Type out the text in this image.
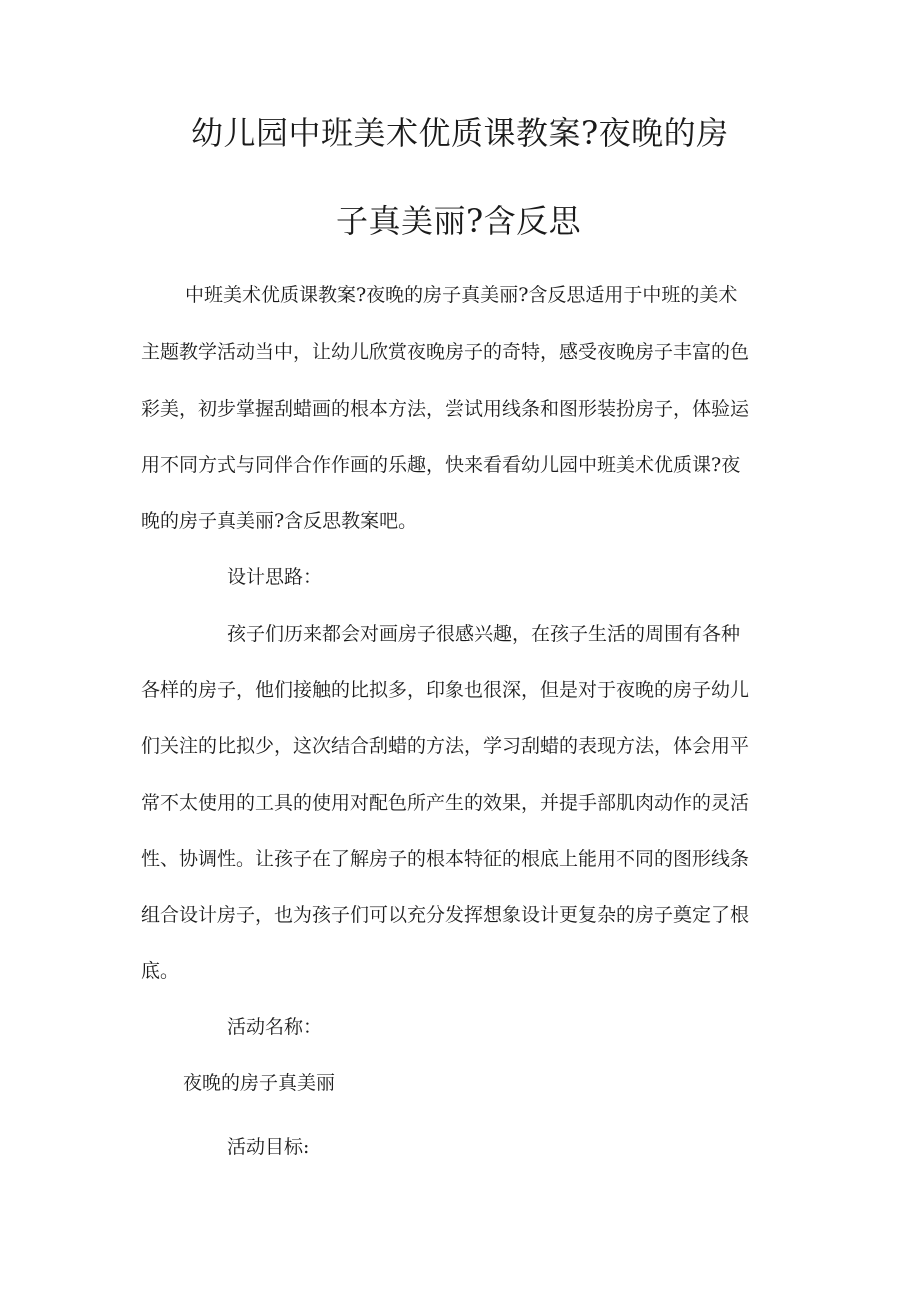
幼儿园中班美术优质课教案?夜晚的房
子真美丽?含反思
中班美术优质课教案?夜晚的房子真美丽?含反思适用于中班的美术
主题教学活动当中，让幼儿欣赏夜晚房子的奇特，感受夜晚房子丰富的色
彩美，初步掌握刮蜡画的根本方法，尝试用线条和图形装扮房子，体验运
用不同方式与同伴合作作画的乐趣，快来看看幼儿园中班美术优质课?夜
晚的房子真美丽?含反思教案吧。
设计思路：
孩子们历来都会对画房子很感兴趣，在孩子生活的周围有各种
各样的房子，他们接触的比拟多，印象也很深，但是对于夜晚的房子幼儿
们关注的比拟少，这次结合刮蜡的方法，学习刮蜡的表现方法，体会用平
常不太使用的工具的使用对配色所产生的效果，并提手部肌肉动作的灵活
性、协调性。让孩子在了解房子的根本特征的根底上能用不同的图形线条
组合设计房子，也为孩子们可以充分发挥想象设计更复杂的房子奠定了根
底。
活动名称：
夜晚的房子真美丽
活动目标:
